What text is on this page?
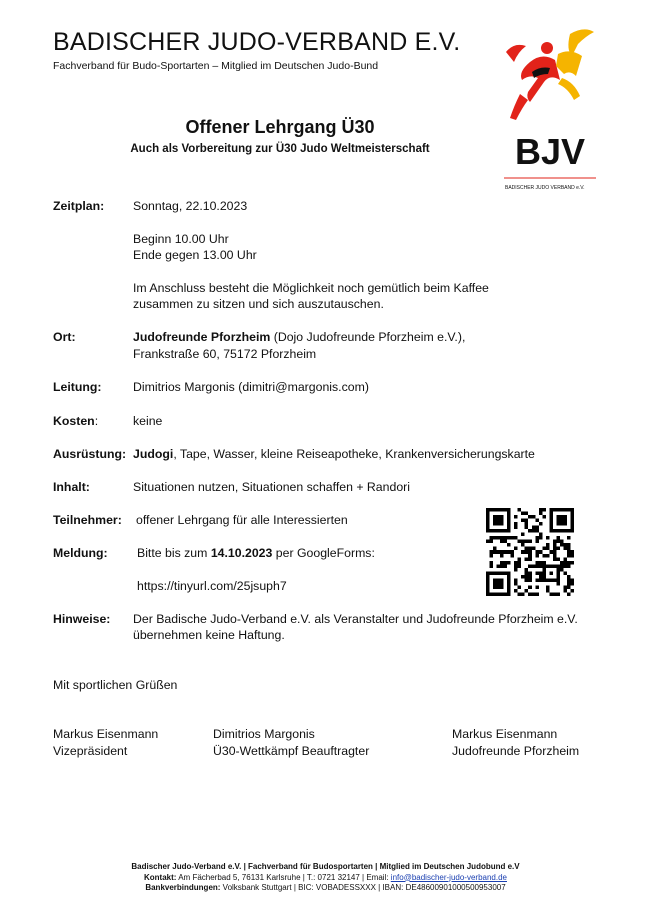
BADISCHER JUDO-VERBAND E.V.
Fachverband für Budo-Sportarten – Mitglied im Deutschen Judo-Bund
BJV
BADISCHER JUDO VERBAND e.V.
Offener Lehrgang Ü30
Auch als Vorbereitung zur Ü30 Judo Weltmeisterschaft
Zeitplan: Sonntag, 22.10.2023
Beginn 10.00 Uhr
Ende gegen 13.00 Uhr
Im Anschluss besteht die Möglichkeit noch gemütlich beim Kaffee
zusammen zu sitzen und sich auszutauschen.
Ort:	Judofreunde Pforzheim (Dojo Judofreunde Pforzheim e.V.),
Frankstraße 60, 75172 Pforzheim
Leitung:	Dimitrios Margonis (dimitri@margonis.com)
Kosten:	keine
Ausrüstung: Judogi, Tape, Wasser, kleine Reiseapotheke, Krankenversicherungskarte
Inhalt:	Situationen nutzen, Situationen schaffen + Randori
Teilnehmer: offener Lehrgang für alle Interessierten
Meldung: Bitte bis zum 14.10.2023 per GoogleForms:
https://tinyurl.com/25jsuph7
Hinweise: Der Badische Judo-Verband e.V. als Veranstalter und Judofreunde Pforzheim e.V.
übernehmen keine Haftung.
Mit sportlichen Grüßen
Markus Eisenmann
Vizepräsident
Dimitrios Margonis
Ü30-Wettkämpf Beauftragter
Markus Eisenmann
Judofreunde Pforzheim
Badischer Judo-Verband e.V. | Fachverband für Budosportarten | Mitglied im Deutschen Judobund e.V
Kontakt: Am Fächerbad 5, 76131 Karlsruhe | T.: 0721 32147 | Email: info@badischer-judo-verband.de
Bankverbindungen: Volksbank Stuttgart | BIC: VOBADESSXXX | IBAN: DE48600901000500953007
